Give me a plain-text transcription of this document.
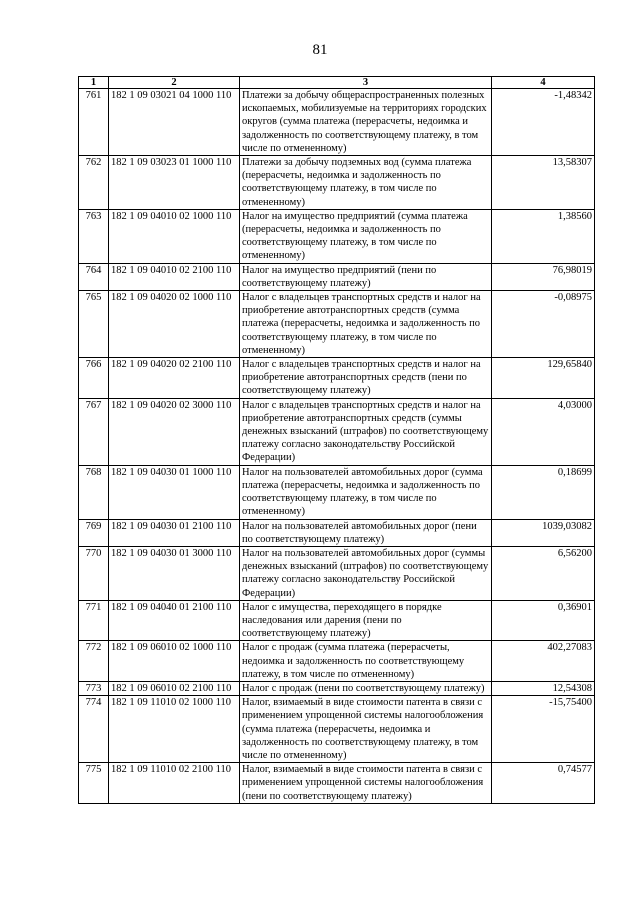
81
1	2	3	4
761	182 1 09 03021 04 1000 110	Платежи за добычу общераспространенных полезных ископаемых, мобилизуемые на территориях городских округов (сумма платежа (перерасчеты, недоимка и задолженность по соответствующему платежу, в том числе по отмененному)	-1,48342
762	182 1 09 03023 01 1000 110	Платежи за добычу подземных вод (сумма платежа (перерасчеты, недоимка и задолженность по соответствующему платежу, в том числе по отмененному)	13,58307
763	182 1 09 04010 02 1000 110	Налог на имущество предприятий (сумма платежа (перерасчеты, недоимка и задолженность по соответствующему платежу, в том числе по отмененному)	1,38560
764	182 1 09 04010 02 2100 110	Налог на имущество предприятий (пени по соответствующему платежу)	76,98019
765	182 1 09 04020 02 1000 110	Налог с владельцев транспортных средств и налог на приобретение автотранспортных средств (сумма платежа (перерасчеты, недоимка и задолженность по соответствующему платежу, в том числе по отмененному)	-0,08975
766	182 1 09 04020 02 2100 110	Налог с владельцев транспортных средств и налог на приобретение автотранспортных средств (пени по соответствующему платежу)	129,65840
767	182 1 09 04020 02 3000 110	Налог с владельцев транспортных средств и налог на приобретение автотранспортных средств (суммы денежных взысканий (штрафов) по соответствующему платежу согласно законодательству Российской Федерации)	4,03000
768	182 1 09 04030 01 1000 110	Налог на пользователей автомобильных дорог (сумма платежа (перерасчеты, недоимка и задолженность по соответствующему платежу, в том числе по отмененному)	0,18699
769	182 1 09 04030 01 2100 110	Налог на пользователей автомобильных дорог (пени по соответствующему платежу)	1039,03082
770	182 1 09 04030 01 3000 110	Налог на пользователей автомобильных дорог (суммы денежных взысканий (штрафов) по соответствующему платежу согласно законодательству Российской Федерации)	6,56200
771	182 1 09 04040 01 2100 110	Налог с имущества, переходящего в порядке наследования или дарения (пени по соответствующему платежу)	0,36901
772	182 1 09 06010 02 1000 110	Налог с продаж (сумма платежа (перерасчеты, недоимка и задолженность по соответствующему платежу, в том числе по отмененному)	402,27083
773	182 1 09 06010 02 2100 110	Налог с продаж (пени по соответствующему платежу)	12,54308
774	182 1 09 11010 02 1000 110	Налог, взимаемый в виде стоимости патента в связи с применением упрощенной системы налогообложения (сумма платежа (перерасчеты, недоимка и задолженность по соответствующему платежу, в том числе по отмененному)	-15,75400
775	182 1 09 11010 02 2100 110	Налог, взимаемый в виде стоимости патента в связи с применением упрощенной системы налогообложения (пени по соответствующему платежу)	0,74577
